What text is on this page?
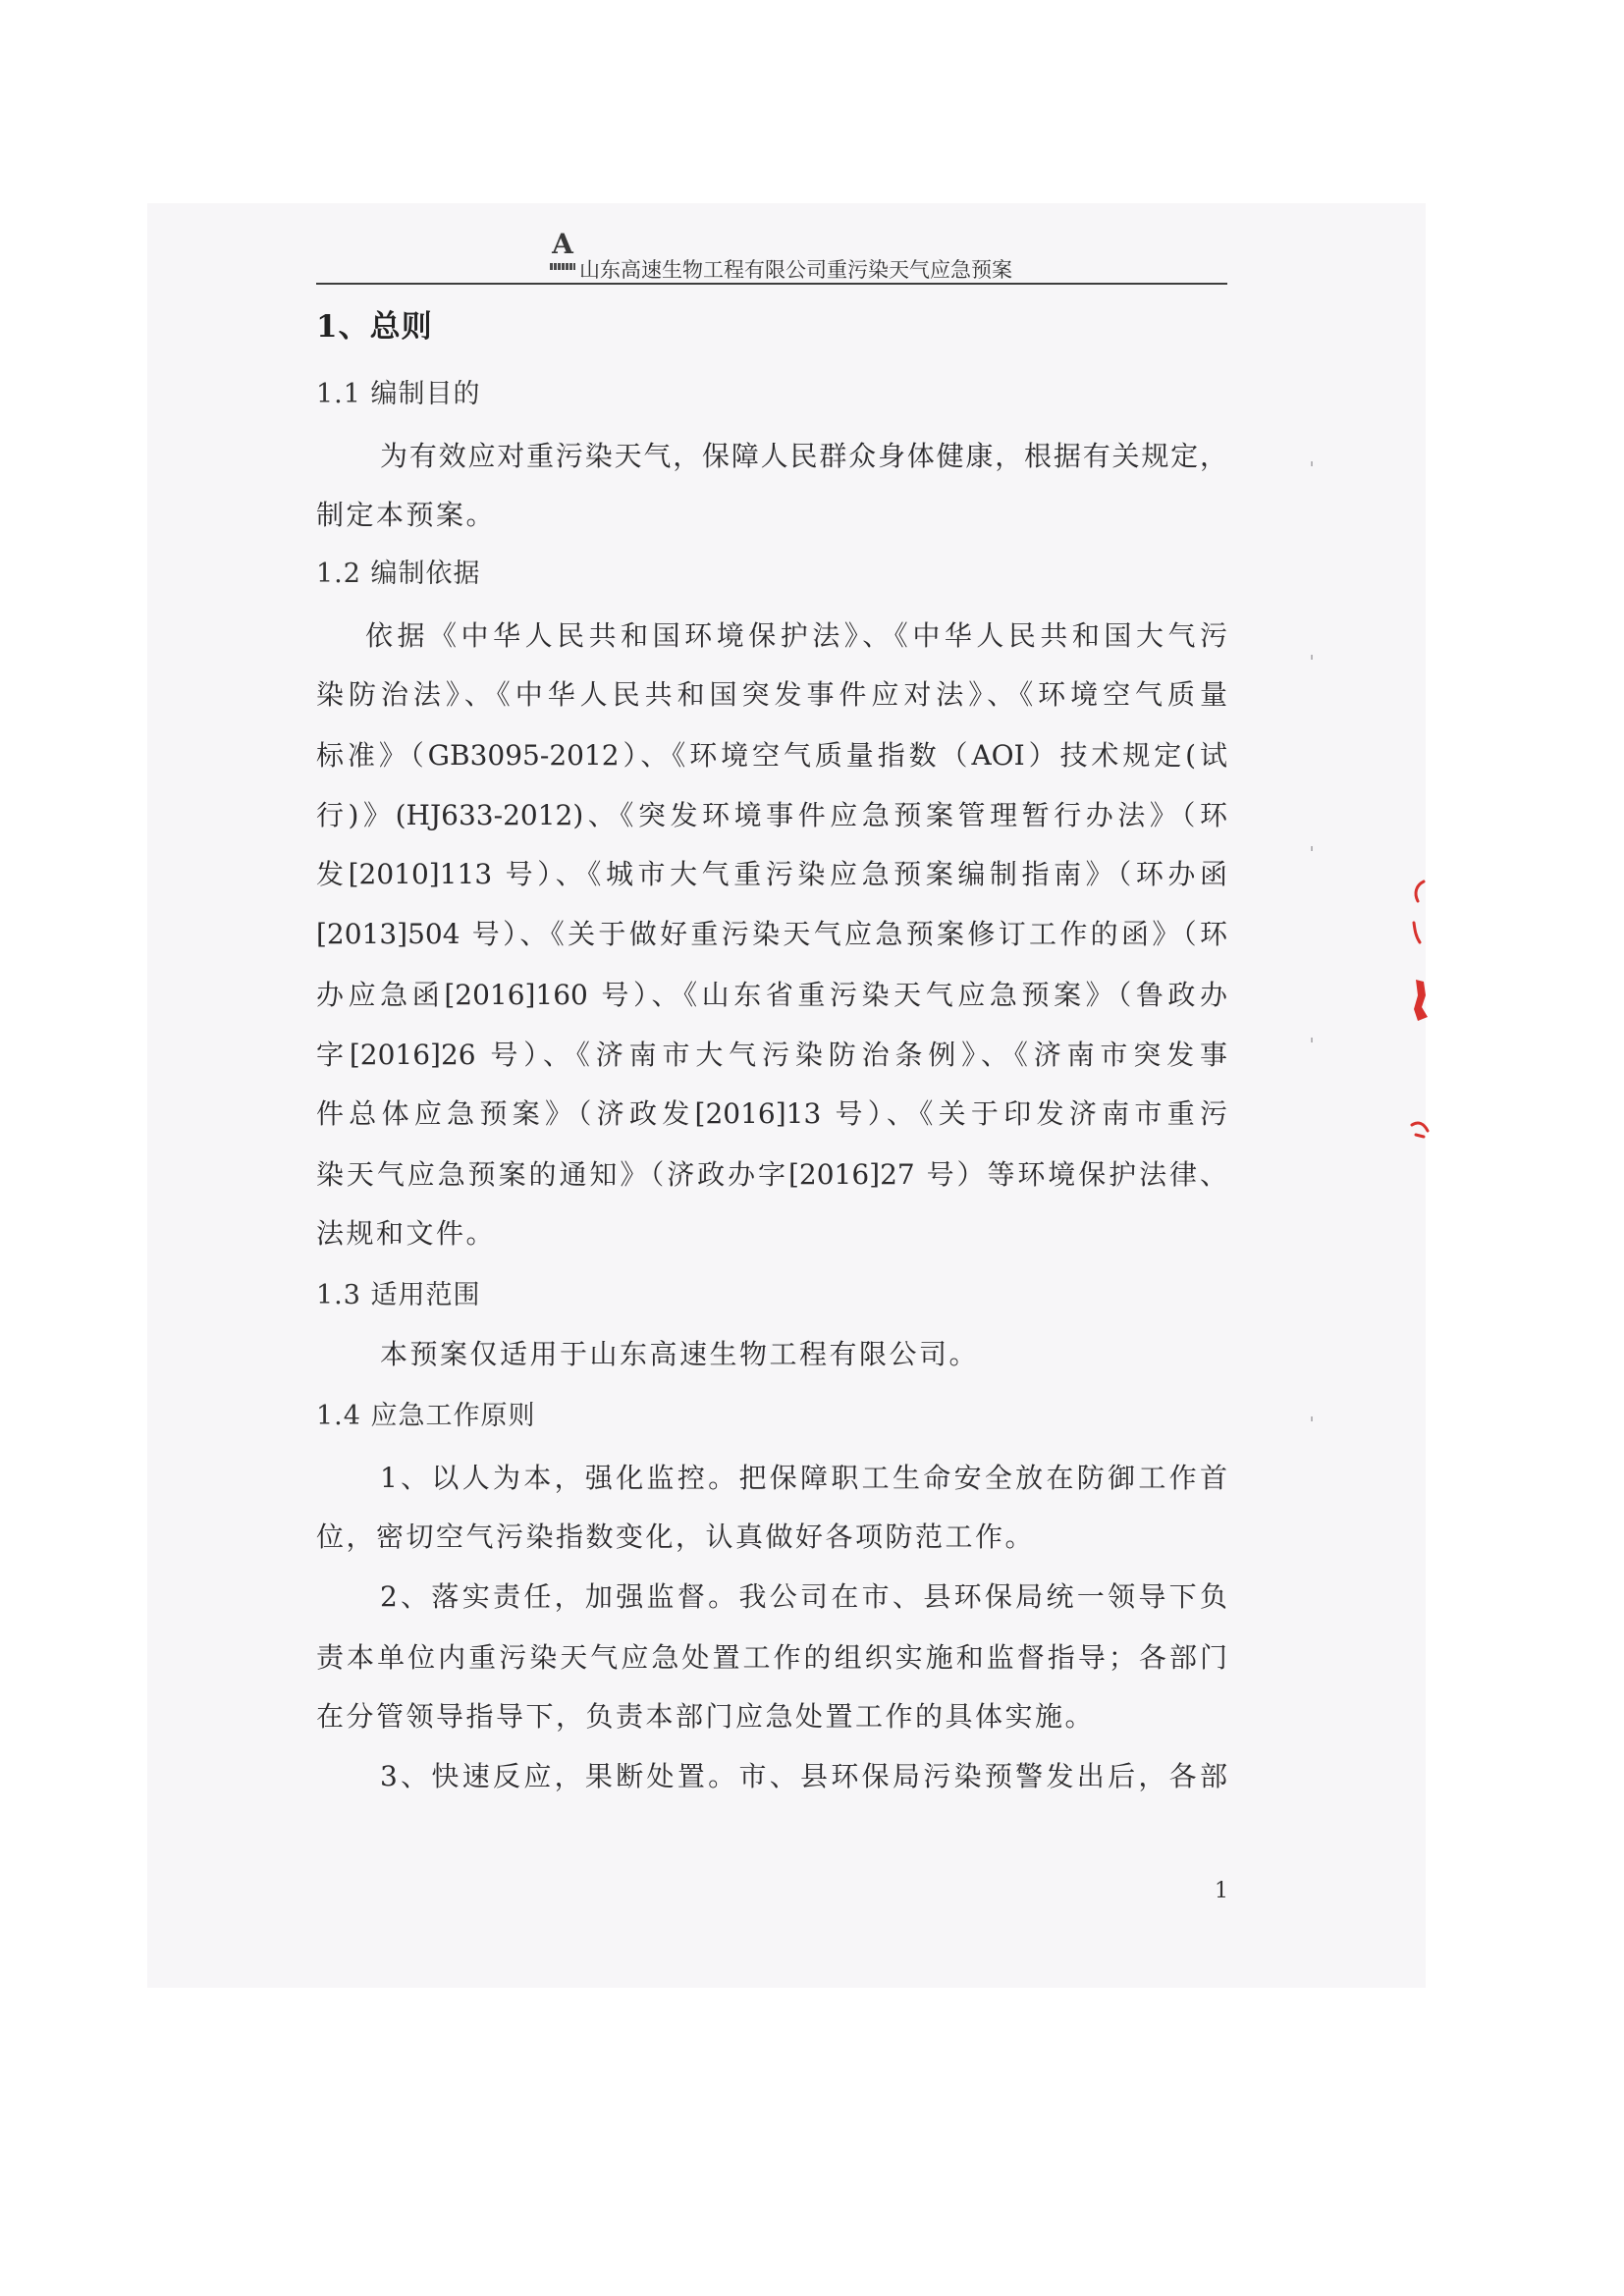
A
山东高速生物工程有限公司重污染天气应急预案
1、总则
1.1 编制目的
为有效应对重污染天气，保障人民群众身体健康，根据有关规定，
制定本预案。
1.2 编制依据
依据《中华人民共和国环境保护法》、《中华人民共和国大气污
染防治法》、《中华人民共和国突发事件应对法》、《环境空气质量
标准》（GB3095-2012）、《环境空气质量指数（AOI）技术规定(试
行)》(HJ633-2012)、《突发环境事件应急预案管理暂行办法》（环
发[2010]113 号）、《城市大气重污染应急预案编制指南》（环办函
[2013]504 号）、《关于做好重污染天气应急预案修订工作的函》（环
办应急函[2016]160 号）、《山东省重污染天气应急预案》（鲁政办
字[2016]26 号）、《济南市大气污染防治条例》、《济南市突发事
件总体应急预案》（济政发[2016]13 号）、《关于印发济南市重污
染天气应急预案的通知》（济政办字[2016]27 号）等环境保护法律、
法规和文件。
1.3 适用范围
本预案仅适用于山东高速生物工程有限公司。
1.4 应急工作原则
1、以人为本，强化监控。把保障职工生命安全放在防御工作首
位，密切空气污染指数变化，认真做好各项防范工作。
2、落实责任，加强监督。我公司在市、县环保局统一领导下负
责本单位内重污染天气应急处置工作的组织实施和监督指导；各部门
在分管领导指导下，负责本部门应急处置工作的具体实施。
3、快速反应，果断处置。市、县环保局污染预警发出后，各部
1
